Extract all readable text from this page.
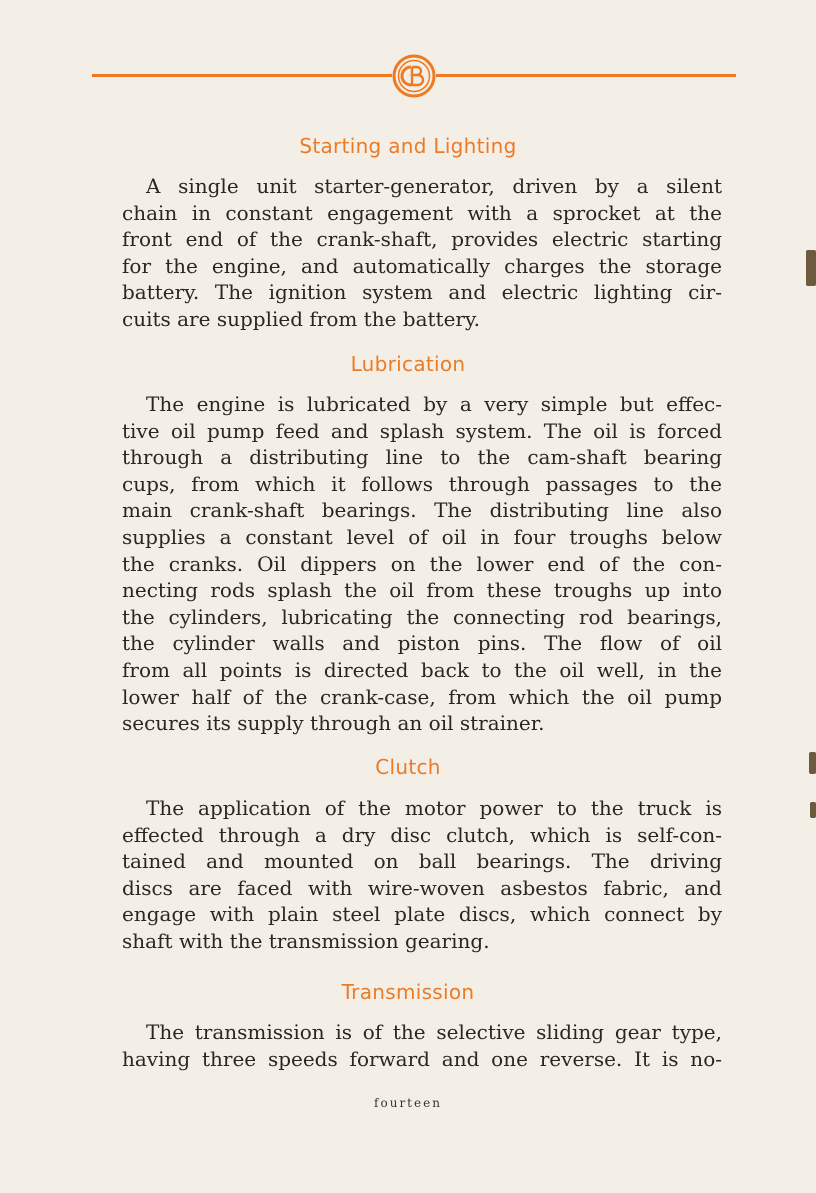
Starting and Lighting
A single unit starter-generator, driven by a silent
chain in constant engagement with a sprocket at the
front end of the crank-shaft, provides electric starting
for the engine, and automatically charges the storage
battery. The ignition system and electric lighting cir-
cuits are supplied from the battery.
Lubrication
The engine is lubricated by a very simple but effec-
tive oil pump feed and splash system. The oil is forced
through a distributing line to the cam-shaft bearing
cups, from which it follows through passages to the
main crank-shaft bearings. The distributing line also
supplies a constant level of oil in four troughs below
the cranks. Oil dippers on the lower end of the con-
necting rods splash the oil from these troughs up into
the cylinders, lubricating the connecting rod bearings,
the cylinder walls and piston pins. The flow of oil
from all points is directed back to the oil well, in the
lower half of the crank-case, from which the oil pump
secures its supply through an oil strainer.
Clutch
The application of the motor power to the truck is
effected through a dry disc clutch, which is self-con-
tained and mounted on ball bearings. The driving
discs are faced with wire-woven asbestos fabric, and
engage with plain steel plate discs, which connect by
shaft with the transmission gearing.
Transmission
The transmission is of the selective sliding gear type,
having three speeds forward and one reverse. It is no-
fourteen
